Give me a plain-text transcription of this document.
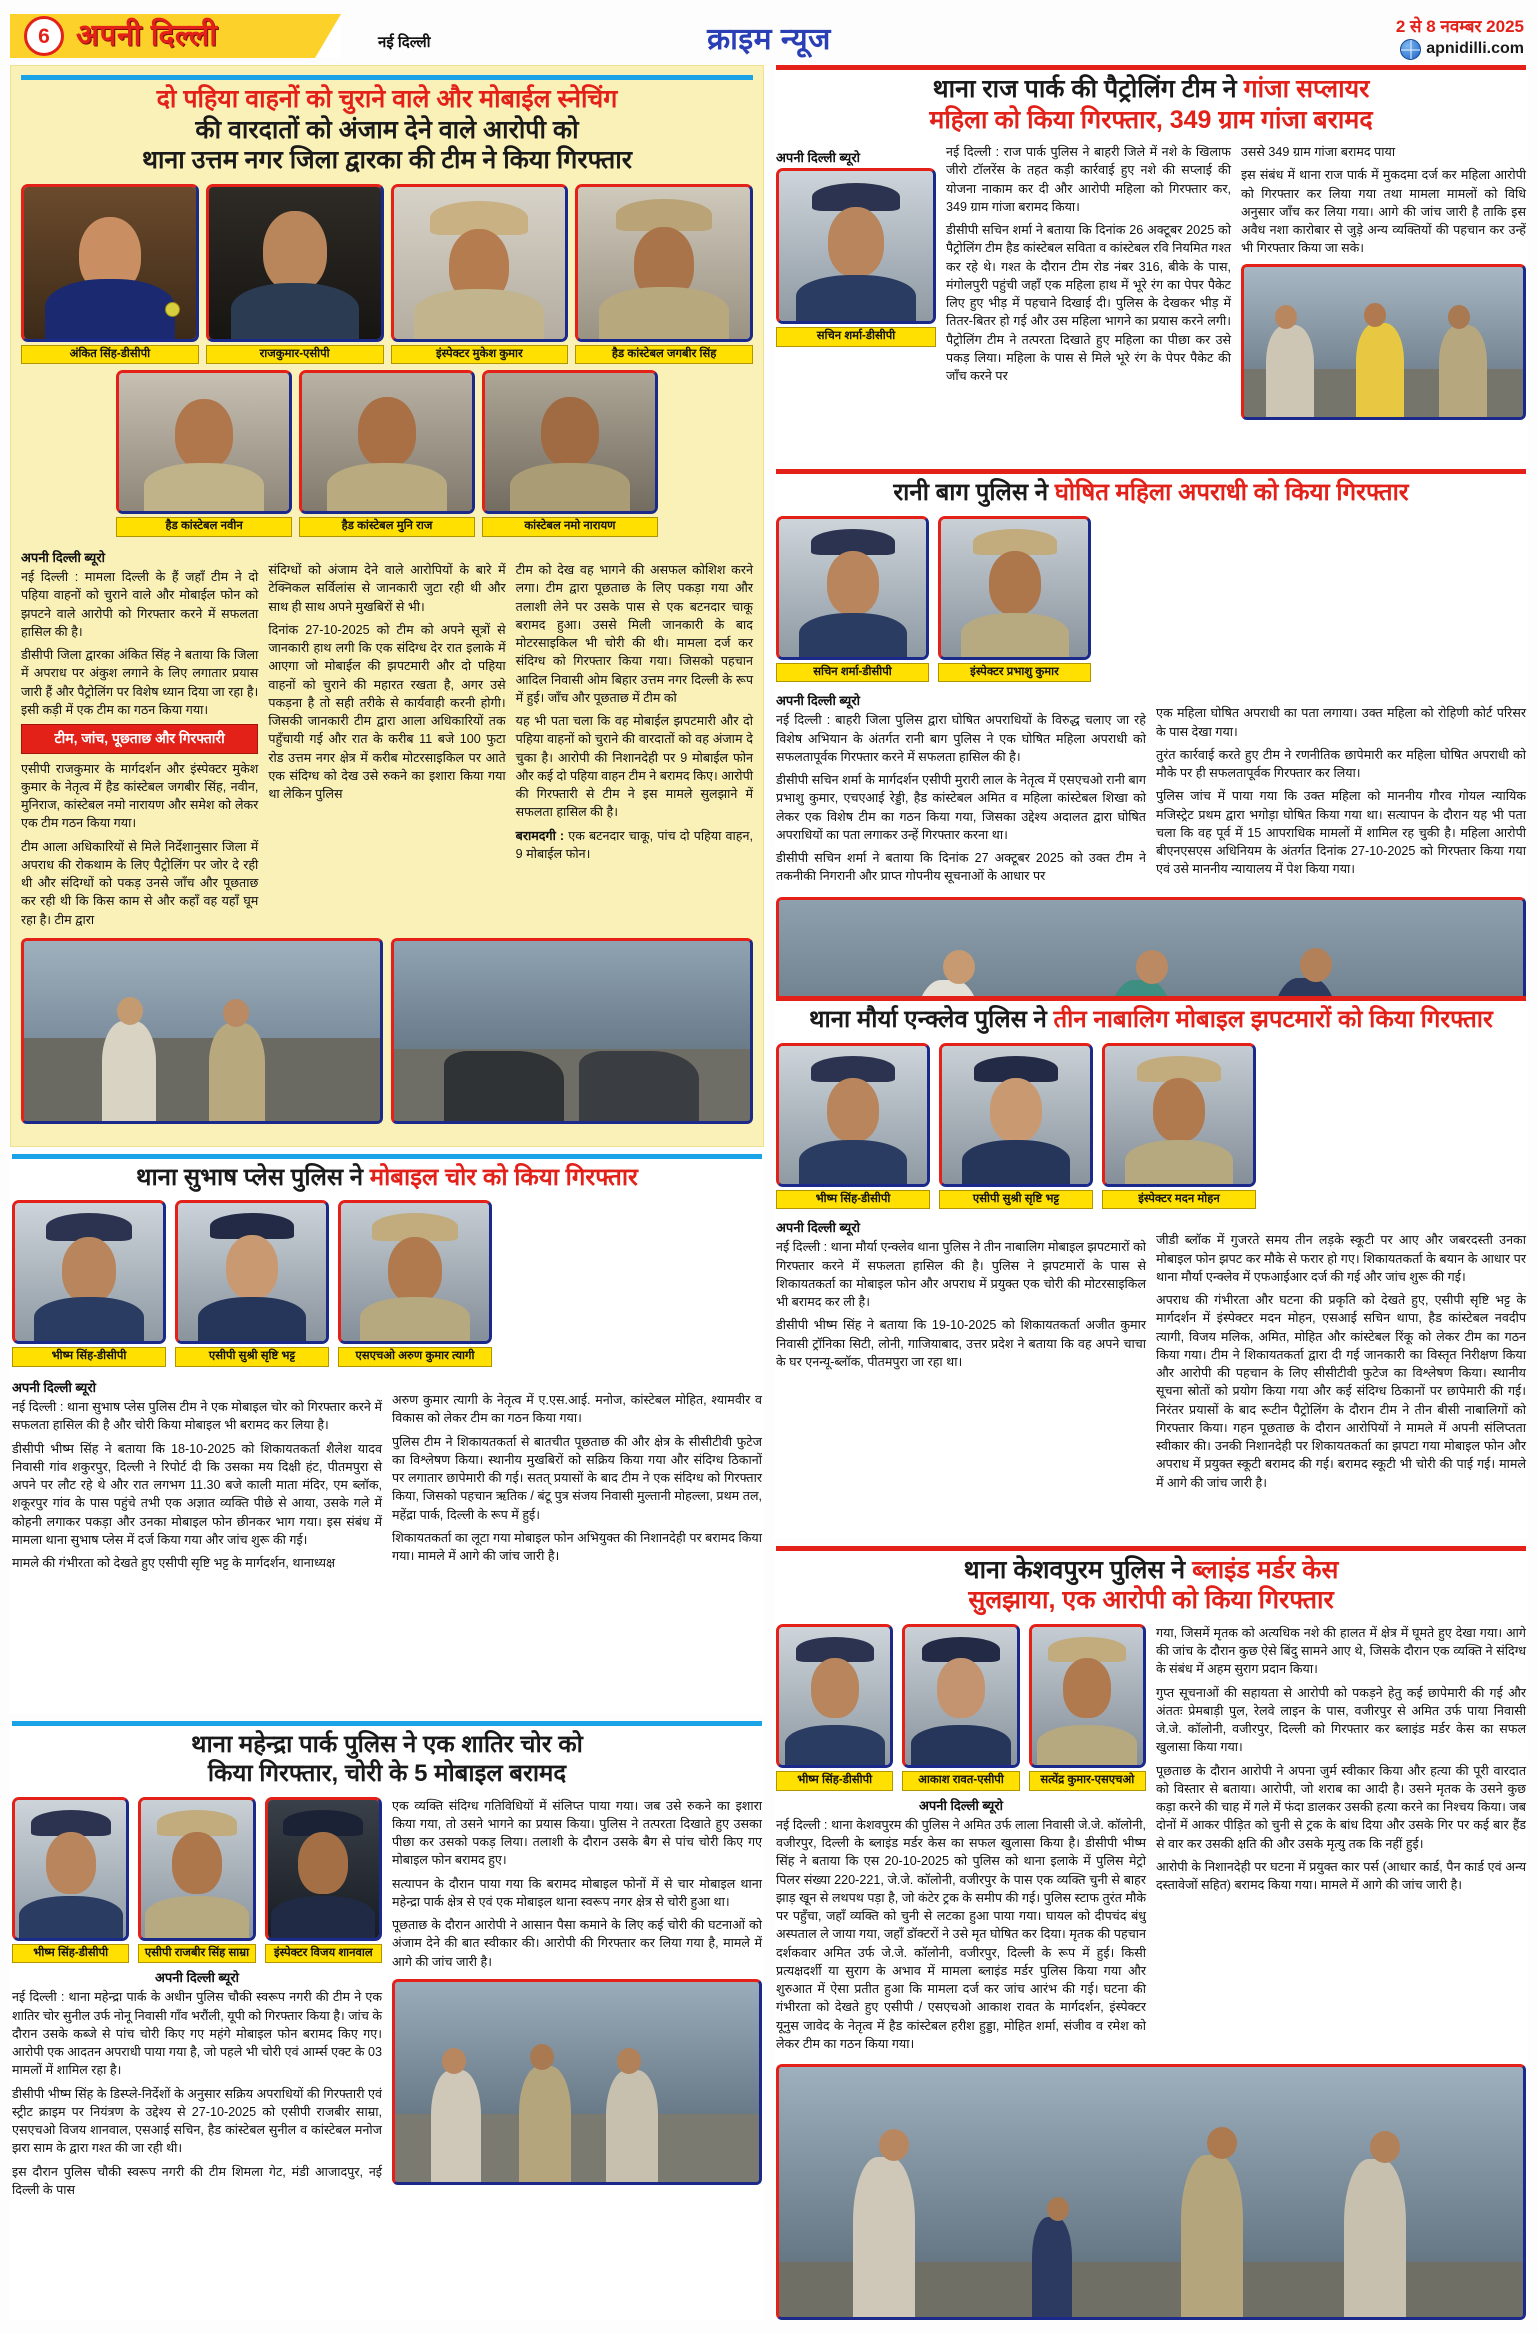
6 अपनी दिल्ली	नई दिल्ली	क्राइम न्यूज	2 से 8 नवम्बर 2025
apnidilli.com
दो पहिया वाहनों को चुराने वाले और मोबाईल स्नेचिंग
की वारदातों को अंजाम देने वाले आरोपी को
थाना उत्तम नगर जिला द्वारका की टीम ने किया गिरफ्तार
अंकित सिंह-डीसीपी	राजकुमार-एसीपी	इंस्पेक्टर मुकेश कुमार	हैड कांस्टेबल जगबीर सिंह
हैड कांस्टेबल नवीन	हैड कांस्टेबल मुनि राज	कांस्टेबल नमो नारायण
अपनी दिल्ली ब्यूरो

नई दिल्ली : मामला दिल्ली के हैं जहाँ टीम ने दो पहिया वाहनों को चुराने वाले और मोबाईल फोन को झपटने वाले आरोपी को गिरफ्तार करने में सफलता हासिल की है।

डीसीपी जिला द्वारका अंकित सिंह ने बताया कि जिला में अपराध पर अंकुश लगाने के लिए लगातार प्रयास जारी हैं और पैट्रोलिंग पर विशेष ध्यान दिया जा रहा है। इसी कड़ी में एक टीम का गठन किया गया।

टीम, जांच, पूछताछ और गिरफ्तारी

एसीपी राजकुमार के मार्गदर्शन और इंस्पेक्टर मुकेश कुमार के नेतृत्व में हैड कांस्टेबल जगबीर सिंह, नवीन, मुनिराज, कांस्टेबल नमो नारायण और समेश को लेकर एक टीम गठन किया गया।

टीम आला अधिकारियों से मिले निर्देशानुसार जिला में अपराध की रोकथाम के लिए पैट्रोलिंग पर जोर दे रही थी और संदिग्धों को पकड़ उनसे जाँच और पूछताछ कर रही थी कि किस काम से और कहाँ वह यहाँ घूम रहा है। टीम द्वारा

संदिग्धों को अंजाम देने वाले आरोपियों के बारे में टेक्निकल सर्विलांस से जानकारी जुटा रही थी और साथ ही साथ अपने मुखबिरों से भी।

दिनांक 27-10-2025 को टीम को अपने सूत्रों से जानकारी हाथ लगी कि एक संदिग्ध देर रात इलाके में आएगा जो मोबाईल की झपटमारी और दो पहिया वाहनों को चुराने की महारत रखता है, अगर उसे पकड़ना है तो सही तरीके से कार्यवाही करनी होगी। जिसकी जानकारी टीम द्वारा आला अधिकारियों तक पहुँचायी गई और रात के करीब 11 बजे 100 फुटा रोड उत्तम नगर क्षेत्र में करीब मोटरसाइकिल पर आते एक संदिग्ध को देख उसे रुकने का इशारा किया गया था लेकिन पुलिस

टीम को देख वह भागने की असफल कोशिश करने लगा। टीम द्वारा पूछताछ के लिए पकड़ा गया और तलाशी लेने पर उसके पास से एक बटनदार चाकू बरामद हुआ। उससे मिली जानकारी के बाद मोटरसाइकिल भी चोरी की थी। मामला दर्ज कर संदिग्ध को गिरफ्तार किया गया। जिसको पहचान आदिल निवासी ओम बिहार उत्तम नगर दिल्ली के रूप में हुई। जाँच और पूछताछ में टीम को

यह भी पता चला कि वह मोबाईल झपटमारी और दो पहिया वाहनों को चुराने की वारदातों को वह अंजाम दे चुका है। आरोपी की निशानदेही पर 9 मोबाईल फोन और कई दो पहिया वाहन टीम ने बरामद किए। आरोपी की गिरफ्तारी से टीम ने इस मामले सुलझाने में सफलता हासिल की है।

बरामदगी : एक बटनदार चाकू, पांच दो पहिया वाहन, 9 मोबाईल फोन।

थाना सुभाष प्लेस पुलिस ने मोबाइल चोर को किया गिरफ्तार
भीष्म सिंह-डीसीपी	एसीपी सुश्री सृष्टि भट्ट	एसएचओ अरुण कुमार त्यागी
अपनी दिल्ली ब्यूरो

नई दिल्ली : थाना सुभाष प्लेस पुलिस टीम ने एक मोबाइल चोर को गिरफ्तार करने में सफलता हासिल की है और चोरी किया मोबाइल भी बरामद कर लिया है।

डीसीपी भीष्म सिंह ने बताया कि 18-10-2025 को शिकायतकर्ता शैलेश यादव निवासी गांव शकुरपुर, दिल्ली ने रिपोर्ट दी कि उसका मय दिक्षी हंट, पीतमपुरा से अपने पर लौट रहे थे और रात लगभग 11.30 बजे काली माता मंदिर, एम ब्लॉक, शकूरपुर गांव के पास पहुंचे तभी एक अज्ञात व्यक्ति पीछे से आया, उसके गले में कोहनी लगाकर पकड़ा और उनका मोबाइल फोन छीनकर भाग गया। इस संबंध में मामला थाना सुभाष प्लेस में दर्ज किया गया और जांच शुरू की गई।

मामले की गंभीरता को देखते हुए एसीपी सृष्टि भट्ट के मार्गदर्शन, थानाध्यक्ष

अरुण कुमार त्यागी के नेतृत्व में ए.एस.आई. मनोज, कांस्टेबल मोहित, श्यामवीर व विकास को लेकर टीम का गठन किया गया।

पुलिस टीम ने शिकायतकर्ता से बातचीत पूछताछ की और क्षेत्र के सीसीटीवी फुटेज का विश्लेषण किया। स्थानीय मुखबिरों को सक्रिय किया गया और संदिग्ध ठिकानों पर लगातार छापेमारी की गई। सतत् प्रयासों के बाद टीम ने एक संदिग्ध को गिरफ्तार किया, जिसको पहचान ऋतिक / बंटू पुत्र संजय निवासी मुल्तानी मोहल्ला, प्रथम तल, महेंद्रा पार्क, दिल्ली के रूप में हुई।

शिकायतकर्ता का लूटा गया मोबाइल फोन अभियुक्त की निशानदेही पर बरामद किया गया। मामले में आगे की जांच जारी है।

थाना महेन्द्रा पार्क पुलिस ने एक शातिर चोर को
किया गिरफ्तार, चोरी के 5 मोबाइल बरामद
भीष्म सिंह-डीसीपी	एसीपी राजबीर सिंह साम्रा	इंस्पेक्टर विजय शानवाल
अपनी दिल्ली ब्यूरो

नई दिल्ली : थाना महेन्द्रा पार्क के अधीन पुलिस चौकी स्वरूप नगरी की टीम ने एक शातिर चोर सुनील उर्फ नोनू निवासी गाँव भरौंली, यूपी को गिरफ्तार किया है। जांच के दौरान उसके कब्जे से पांच चोरी किए गए महंगे मोबाइल फोन बरामद किए गए। आरोपी एक आदतन अपराधी पाया गया है, जो पहले भी चोरी एवं आर्म्स एक्ट के 03 मामलों में शामिल रहा है।

डीसीपी भीष्म सिंह के डिस्प्ले-निर्देशों के अनुसार सक्रिय अपराधियों की गिरफ्तारी एवं स्ट्रीट क्राइम पर नियंत्रण के उद्देश्य से 27-10-2025 को एसीपी राजबीर साम्रा, एसएचओ विजय शानवाल, एसआई सचिन, हैड कांस्टेबल सुनील व कांस्टेबल मनोज झरा साम के द्वारा गश्त की जा रही थी।

इस दौरान पुलिस चौकी स्वरूप नगरी की टीम शिमला गेट, मंडी आजादपुर, नई दिल्ली के पास

एक व्यक्ति संदिग्ध गतिविधियों में संलिप्त पाया गया। जब उसे रुकने का इशारा किया गया, तो उसने भागने का प्रयास किया। पुलिस ने तत्परता दिखाते हुए उसका पीछा कर उसको पकड़ लिया। तलाशी के दौरान उसके बैग से पांच चोरी किए गए मोबाइल फोन बरामद हुए।

सत्यापन के दौरान पाया गया कि बरामद मोबाइल फोनों में से चार मोबाइल थाना महेन्द्रा पार्क क्षेत्र से एवं एक मोबाइल थाना स्वरूप नगर क्षेत्र से चोरी हुआ था।

पूछताछ के दौरान आरोपी ने आसान पैसा कमाने के लिए कई चोरी की घटनाओं को अंजाम देने की बात स्वीकार की। आरोपी की गिरफ्तार कर लिया गया है, मामले में आगे की जांच जारी है।

थाना राज पार्क की पैट्रोलिंग टीम ने गांजा सप्लायर
महिला को किया गिरफ्तार, 349 ग्राम गांजा बरामद
अपनी दिल्ली ब्यूरो
सचिन शर्मा-डीसीपी

नई दिल्ली : राज पार्क पुलिस ने बाहरी जिले में नशे के खिलाफ जीरो टॉलरेंस के तहत कड़ी कार्रवाई हुए नशे की सप्लाई की योजना नाकाम कर दी और आरोपी महिला को गिरफ्तार कर, 349 ग्राम गांजा बरामद किया।

डीसीपी सचिन शर्मा ने बताया कि दिनांक 26 अक्टूबर 2025 को पैट्रोलिंग टीम हैड कांस्टेबल सविता व कांस्टेबल रवि नियमित गश्त कर रहे थे। गश्त के दौरान टीम रोड नंबर 316, बीके के पास, मंगोलपुरी पहुंची जहाँ एक महिला हाथ में भूरे रंग का पेपर पैकेट लिए हुए भीड़ में पहचाने दिखाई दी। पुलिस के देखकर भीड़ में तितर-बितर हो गई और उस महिला भागने का प्रयास करने लगी। पैट्रोलिंग टीम ने तत्परता दिखाते हुए महिला का पीछा कर उसे पकड़ लिया। महिला के पास से मिले भूरे रंग के पेपर पैकेट की जाँच करने पर

उससे 349 ग्राम गांजा बरामद पाया

इस संबंध में थाना राज पार्क में मुकदमा दर्ज कर महिला आरोपी को गिरफ्तार कर लिया गया तथा मामला मामलों को विधि अनुसार जाँच कर लिया गया। आगे की जांच जारी है ताकि इस अवैध नशा कारोबार से जुड़े अन्य व्यक्तियों की पहचान कर उन्हें भी गिरफ्तार किया जा सके।

रानी बाग पुलिस ने घोषित महिला अपराधी को किया गिरफ्तार
सचिन शर्मा-डीसीपी	इंस्पेक्टर प्रभाशु कुमार
अपनी दिल्ली ब्यूरो

नई दिल्ली : बाहरी जिला पुलिस द्वारा घोषित अपराधियों के विरुद्ध चलाए जा रहे विशेष अभियान के अंतर्गत रानी बाग पुलिस ने एक घोषित महिला अपराधी को सफलतापूर्वक गिरफ्तार करने में सफलता हासिल की है।

डीसीपी सचिन शर्मा के मार्गदर्शन एसीपी मुरारी लाल के नेतृत्व में एसएचओ रानी बाग प्रभाशु कुमार, एचएआई रेड्डी, हैड कांस्टेबल अमित व महिला कांस्टेबल शिखा को लेकर एक विशेष टीम का गठन किया गया, जिसका उद्देश्य अदालत द्वारा घोषित अपराधियों का पता लगाकर उन्हें गिरफ्तार करना था।

डीसीपी सचिन शर्मा ने बताया कि दिनांक 27 अक्टूबर 2025 को उक्त टीम ने तकनीकी निगरानी और प्राप्त गोपनीय सूचनाओं के आधार पर

एक महिला घोषित अपराधी का पता लगाया। उक्त महिला को रोहिणी कोर्ट परिसर के पास देखा गया।

तुरंत कार्रवाई करते हुए टीम ने रणनीतिक छापेमारी कर महिला घोषित अपराधी को मौके पर ही सफलतापूर्वक गिरफ्तार कर लिया।

पुलिस जांच में पाया गया कि उक्त महिला को माननीय गौरव गोयल न्यायिक मजिस्ट्रेट प्रथम द्वारा भगोड़ा घोषित किया गया था। सत्यापन के दौरान यह भी पता चला कि वह पूर्व में 15 आपराधिक मामलों में शामिल रह चुकी है। महिला आरोपी बीएनएसएस अधिनियम के अंतर्गत दिनांक 27-10-2025 को गिरफ्तार किया गया एवं उसे माननीय न्यायालय में पेश किया गया।

थाना मौर्या एन्क्लेव पुलिस ने तीन नाबालिग मोबाइल झपटमारों को किया गिरफ्तार
भीष्म सिंह-डीसीपी	एसीपी सुश्री सृष्टि भट्ट	इंस्पेक्टर मदन मोहन
अपनी दिल्ली ब्यूरो

नई दिल्ली : थाना मौर्या एन्क्लेव थाना पुलिस ने तीन नाबालिग मोबाइल झपटमारों को गिरफ्तार करने में सफलता हासिल की है। पुलिस ने झपटमारों के पास से शिकायतकर्ता का मोबाइल फोन और अपराध में प्रयुक्त एक चोरी की मोटरसाइकिल भी बरामद कर ली है।

डीसीपी भीष्म सिंह ने बताया कि 19-10-2025 को शिकायतकर्ता अजीत कुमार निवासी ट्रॉनिका सिटी, लोनी, गाजियाबाद, उत्तर प्रदेश ने बताया कि वह अपने चाचा के घर एनन्यू-ब्लॉक, पीतमपुरा जा रहा था।

जीडी ब्लॉक में गुजरते समय तीन लड़के स्कूटी पर आए और जबरदस्ती उनका मोबाइल फोन झपट कर मौके से फरार हो गए। शिकायतकर्ता के बयान के आधार पर थाना मौर्या एन्क्लेव में एफआईआर दर्ज की गई और जांच शुरू की गई।

अपराध की गंभीरता और घटना की प्रकृति को देखते हुए, एसीपी सृष्टि भट्ट के मार्गदर्शन में इंस्पेक्टर मदन मोहन, एसआई सचिन थापा, हैड कांस्टेबल नवदीप त्यागी, विजय मलिक, अमित, मोहित और कांस्टेबल रिंकू को लेकर टीम का गठन किया गया। टीम ने शिकायतकर्ता द्वारा दी गई जानकारी का विस्तृत निरीक्षण किया और आरोपी की पहचान के लिए सीसीटीवी फुटेज का विश्लेषण किया। स्थानीय सूचना स्रोतों को प्रयोग किया गया और कई संदिग्ध ठिकानों पर छापेमारी की गई। निरंतर प्रयासों के बाद रूटीन पैट्रोलिंग के दौरान टीम ने तीन बीसी नाबालिगों को गिरफ्तार किया। गहन पूछताछ के दौरान आरोपियों ने मामले में अपनी संलिप्तता स्वीकार की। उनकी निशानदेही पर शिकायतकर्ता का झपटा गया मोबाइल फोन और अपराध में प्रयुक्त स्कूटी बरामद की गई। बरामद स्कूटी भी चोरी की पाई गई। मामले में आगे की जांच जारी है।

थाना केशवपुरम पुलिस ने ब्लाइंड मर्डर केस
सुलझाया, एक आरोपी को किया गिरफ्तार
भीष्म सिंह-डीसीपी	आकाश रावत-एसीपी	सत्येंद्र कुमार-एसएचओ
अपनी दिल्ली ब्यूरो

नई दिल्ली : थाना केशवपुरम की पुलिस ने अमित उर्फ लाला निवासी जे.जे. कॉलोनी, वजीरपुर, दिल्ली के ब्लाइंड मर्डर केस का सफल खुलासा किया है। डीसीपी भीष्म सिंह ने बताया कि एस 20-10-2025 को पुलिस को थाना इलाके में पुलिस मेट्रो पिलर संख्या 220-221, जे.जे. कॉलोनी, वजीरपुर के पास एक व्यक्ति चुनी से बाहर झाड़ खून से लथपथ पड़ा है, जो कंटेर ट्रक के समीप की गई। पुलिस स्टाफ तुरंत मौके पर पहुँचा, जहाँ व्यक्ति को चुनी से लटका हुआ पाया गया। घायल को दीपचंद बंधु अस्पताल ले जाया गया, जहाँ डॉक्टरों ने उसे मृत घोषित कर दिया। मृतक की पहचान दर्शकवार अमित उर्फ जे.जे. कॉलोनी, वजीरपुर, दिल्ली के रूप में हुई। किसी प्रत्यक्षदर्शी या सुराग के अभाव में मामला ब्लाइंड मर्डर पुलिस किया गया और शुरुआत में ऐसा प्रतीत हुआ कि मामला दर्ज कर जांच आरंभ की गई। घटना की गंभीरता को देखते हुए एसीपी / एसएचओ आकाश रावत के मार्गदर्शन, इंस्पेक्टर यूनुस जावेद के नेतृत्व में हैड कांस्टेबल हरीश हुड्डा, मोहित शर्मा, संजीव व रमेश को लेकर टीम का गठन किया गया।

गया, जिसमें मृतक को अत्यधिक नशे की हालत में क्षेत्र में घूमते हुए देखा गया। आगे की जांच के दौरान कुछ ऐसे बिंदु सामने आए थे, जिसके दौरान एक व्यक्ति ने संदिग्ध के संबंध में अहम सुराग प्रदान किया।

गुप्त सूचनाओं की सहायता से आरोपी को पकड़ने हेतु कई छापेमारी की गई और अंततः प्रेमबाड़ी पुल, रेलवे लाइन के पास, वजीरपुर से अमित उर्फ पाया निवासी जे.जे. कॉलोनी, वजीरपुर, दिल्ली को गिरफ्तार कर ब्लाइंड मर्डर केस का सफल खुलासा किया गया।

पूछताछ के दौरान आरोपी ने अपना जुर्म स्वीकार किया और हत्या की पूरी वारदात को विस्तार से बताया। आरोपी, जो शराब का आदी है। उसने मृतक के उसने कुछ कड़ा करने की चाह में गले में फंदा डालकर उसकी हत्या करने का निश्चय किया। जब दोनों में आकर पीड़ित को चुनी से ट्रक के बांध दिया और उसके गिर पर कई बार हैंड से वार कर उसकी क्षति की और उसके मृत्यु तक कि नहीं हुई।

आरोपी के निशानदेही पर घटना में प्रयुक्त कार पर्स (आधार कार्ड, पैन कार्ड एवं अन्य दस्तावेजों सहित) बरामद किया गया। मामले में आगे की जांच जारी है।
